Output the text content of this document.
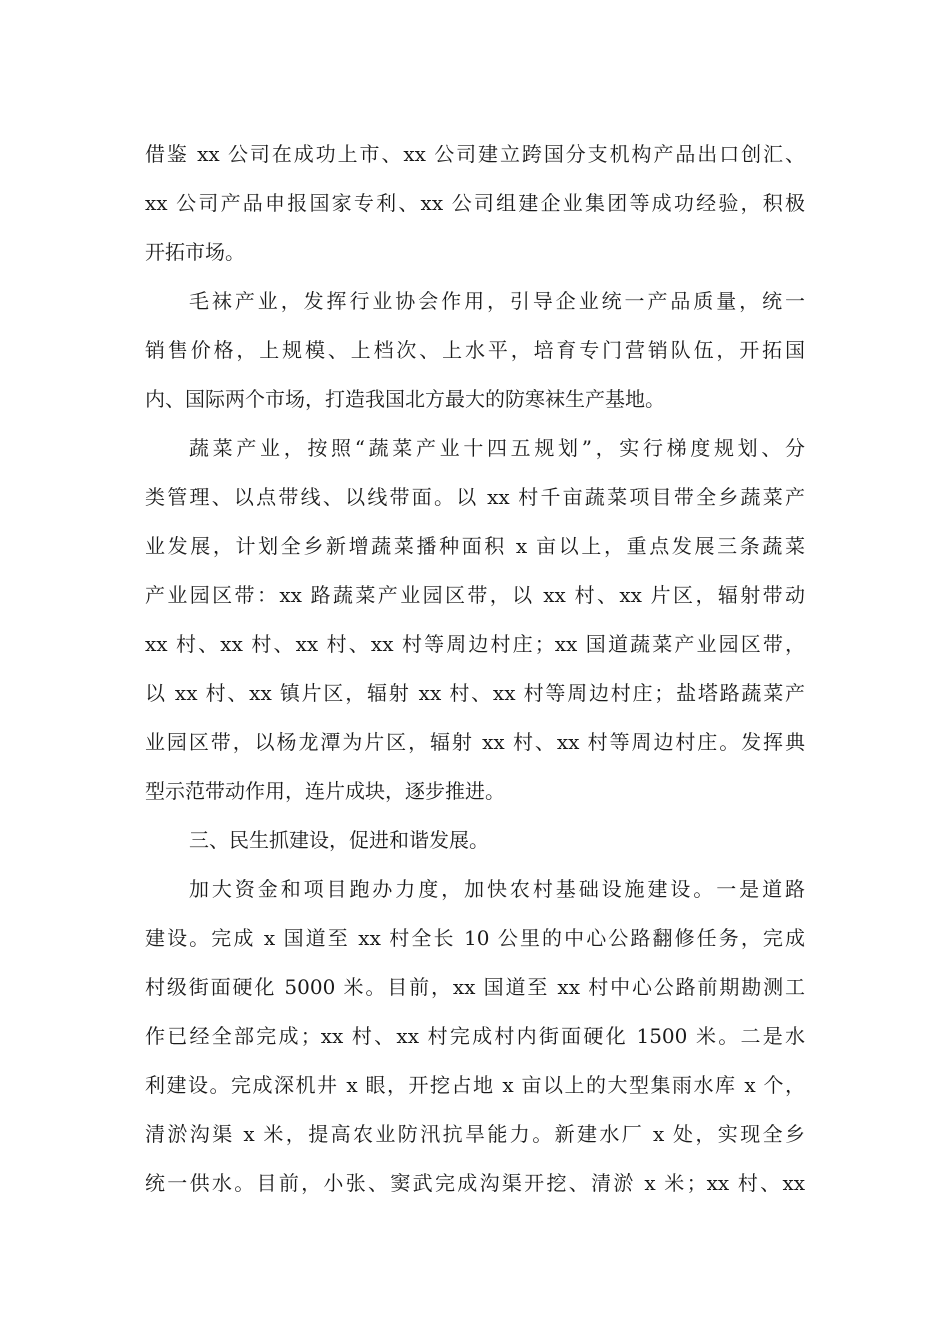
借鉴 xx 公司在成功上市、xx 公司建立跨国分支机构产品出口创汇、
xx 公司产品申报国家专利、xx 公司组建企业集团等成功经验，积极
开拓市场。
毛袜产业，发挥行业协会作用，引导企业统一产品质量，统一
销售价格，上规模、上档次、上水平，培育专门营销队伍，开拓国
内、国际两个市场，打造我国北方最大的防寒袜生产基地。
蔬菜产业，按照“蔬菜产业十四五规划”，实行梯度规划、分
类管理、以点带线、以线带面。以 xx 村千亩蔬菜项目带全乡蔬菜产
业发展，计划全乡新增蔬菜播种面积 x 亩以上，重点发展三条蔬菜
产业园区带：xx 路蔬菜产业园区带，以 xx 村、xx 片区，辐射带动
xx 村、xx 村、xx 村、xx 村等周边村庄；xx 国道蔬菜产业园区带，
以 xx 村、xx 镇片区，辐射 xx 村、xx 村等周边村庄；盐塔路蔬菜产
业园区带，以杨龙潭为片区，辐射 xx 村、xx 村等周边村庄。发挥典
型示范带动作用，连片成块，逐步推进。
三、民生抓建设，促进和谐发展。
加大资金和项目跑办力度，加快农村基础设施建设。一是道路
建设。完成 x 国道至 xx 村全长 10 公里的中心公路翻修任务，完成
村级街面硬化 5000 米。目前，xx 国道至 xx 村中心公路前期勘测工
作已经全部完成；xx 村、xx 村完成村内街面硬化 1500 米。二是水
利建设。完成深机井 x 眼，开挖占地 x 亩以上的大型集雨水库 x 个，
清淤沟渠 x 米，提高农业防汛抗旱能力。新建水厂 x 处，实现全乡
统一供水。目前，小张、窦武完成沟渠开挖、清淤 x 米；xx 村、xx
